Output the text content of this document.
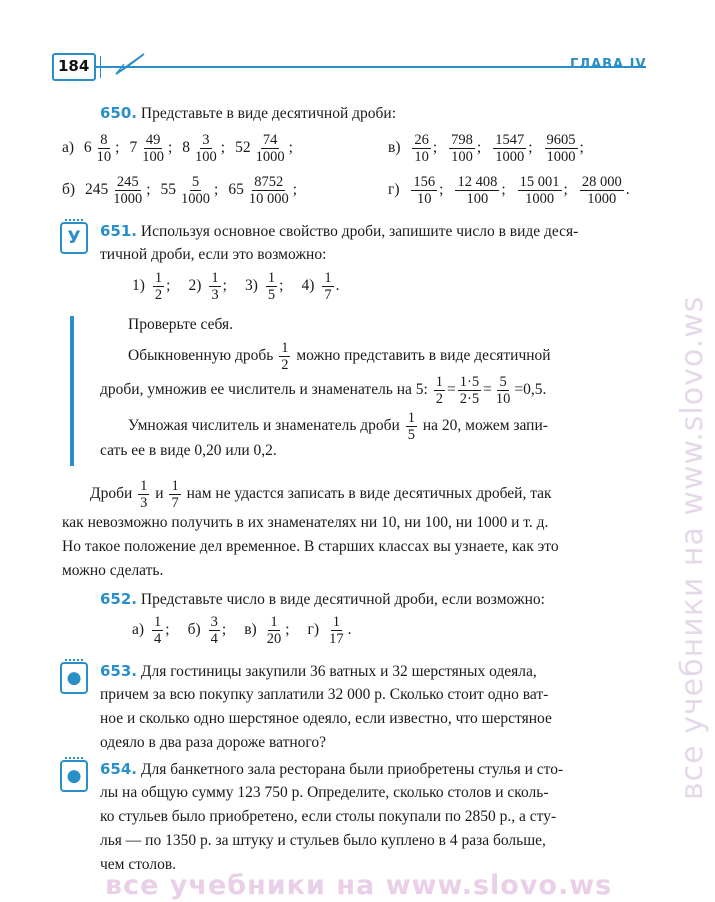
184	ГЛАВА IV
650. Представьте в виде десятичной дроби:
а) $6 \frac{8}{10}$ ; $7 \frac{49}{100}$ ; $8 \frac{3}{100}$ ; $52 \frac{74}{1000}$ ;	$в) \frac{26}{10}$ ; $\frac{798}{100}$ ; $\frac{1547}{1000}$ ; $\frac{9605}{1000}$ ;
б) $245 \frac{245}{1000}$ ; $55 \frac{5}{1000}$ ; $65 \frac{8752}{10 000}$ ;	$г) \frac{156}{10}$ ; $\frac{12 408}{100}$ ; $\frac{15 001}{1000}$ ; $\frac{28 000}{1000}$ .
У	651. Используя основное свойство дроби, запишите число в виде деся-
тичной дроби, если это возможно:
$1) \frac{1}{2}$ ; $2) \frac{1}{3}$ ; $3) \frac{1}{5}$ ; $4) \frac{1}{7}$ .
Проверьте себя.
Обыкновенную дробь $\frac{1}{2}$ можно представить в виде десятичной
дроби, умножив ее числитель и знаменатель на 5: $\frac{1}{2} = \frac{1\cdot 5}{2\cdot 5} = \frac{5}{10} =0,5$.
Умножая числитель и знаменатель дроби $\frac{1}{5}$ на 20, можем запи-
сать ее в виде 0,20 или 0,2.
Дроби $\frac{1}{3}$ и $\frac{1}{7}$ нам не удастся записать в виде десятичных дробей, так
как невозможно получить в их знаменателях ни 10, ни 100, ни 1000 и т. д.
Но такое положение дел временное. В старших классах вы узнаете, как это
можно сделать.
652. Представьте число в виде десятичной дроби, если возможно:
$а) \frac{1}{4}$ ; $б) \frac{3}{4}$ ; $в) \frac{1}{20}$ ; $г) \frac{1}{17}$ .
●	653. Для гостиницы закупили 36 ватных и 32 шерстяных одеяла,
причем за всю покупку заплатили 32 000 р. Сколько стоит одно ват-
ное и сколько одно шерстяное одеяло, если известно, что шерстяное
одеяло в два раза дороже ватного?
●	654. Для банкетного зала ресторана были приобретены стулья и сто-
лы на общую сумму 123 750 р. Определите, сколько столов и сколь-
ко стульев было приобретено, если столы покупали по 2850 р., а сту-
лья — по 1350 р. за штуку и стульев было куплено в 4 раза больше,
чем столов.
все учебники на www.slovo.ws
все учебники на www.slovo.ws
